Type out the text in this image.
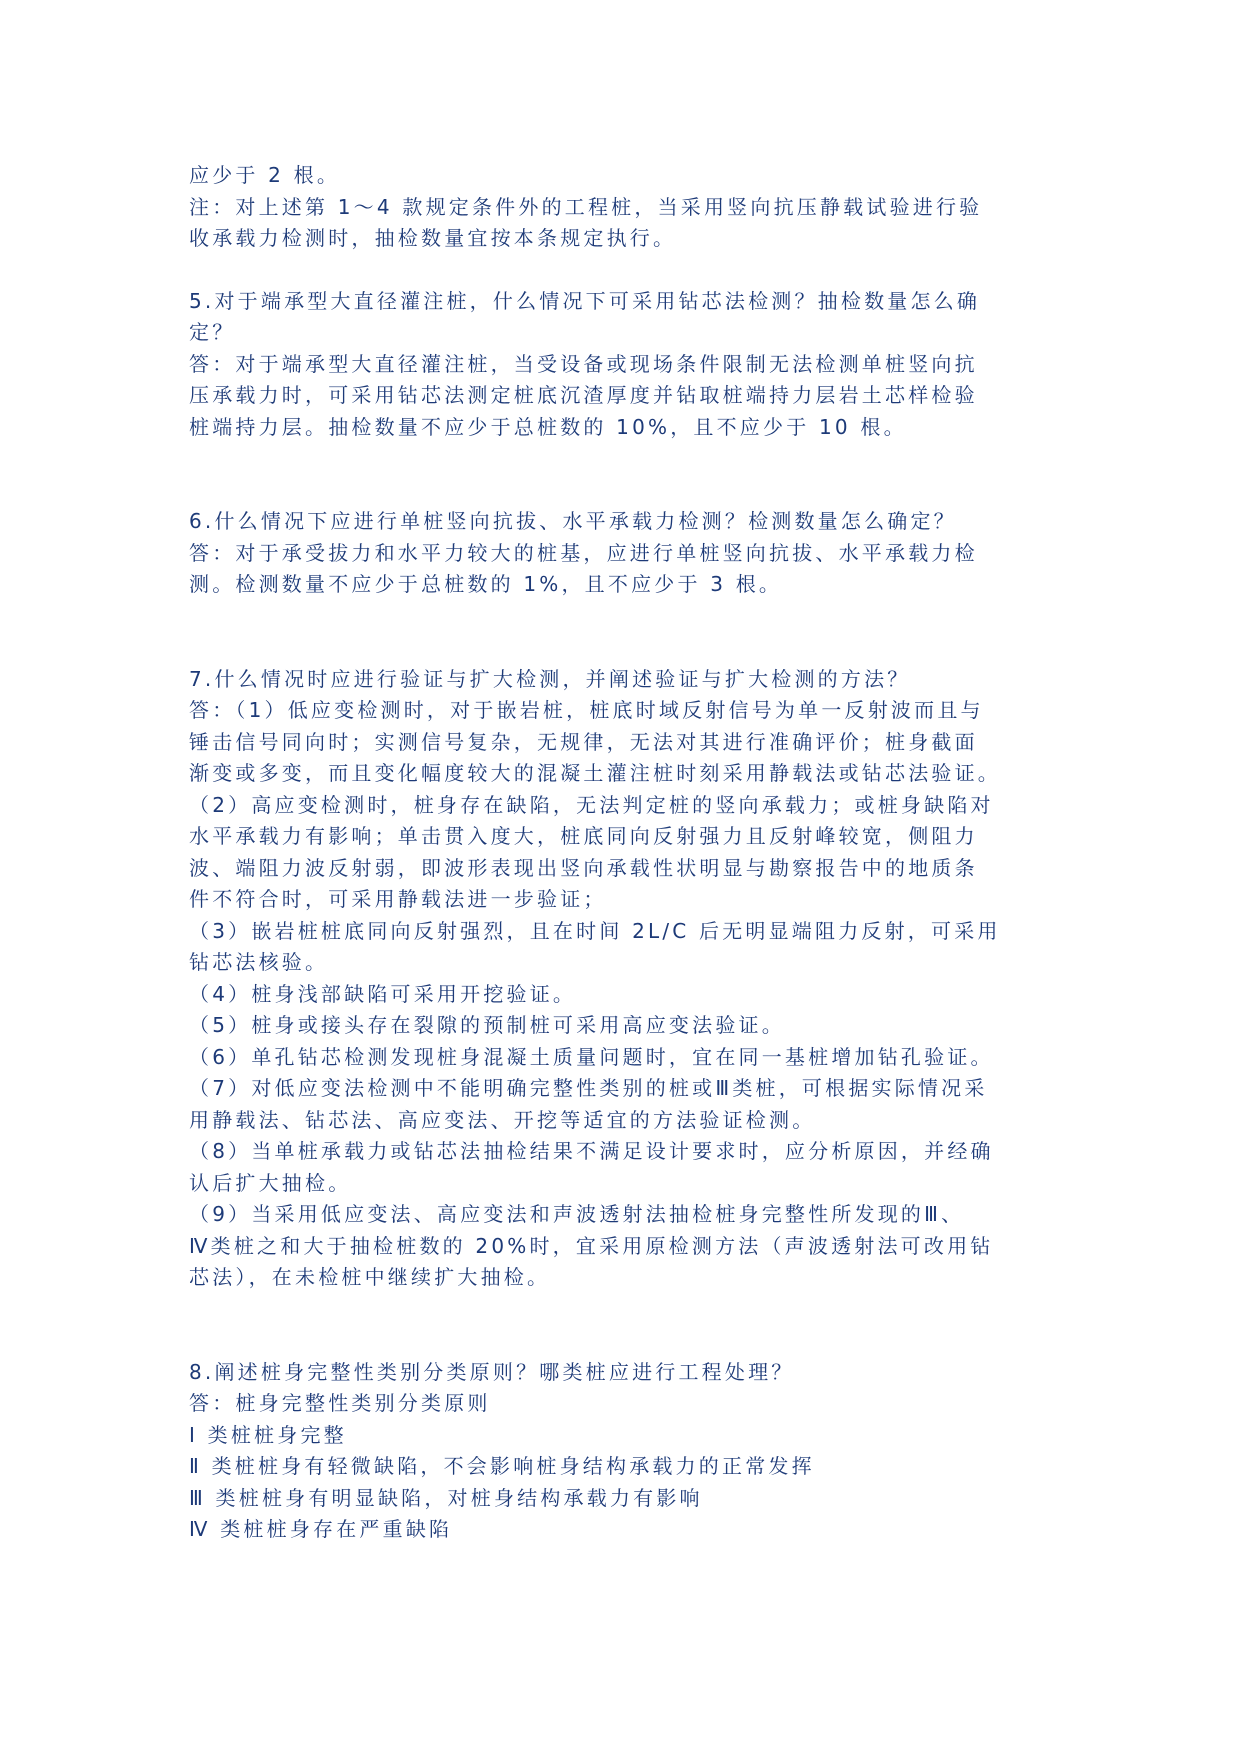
应少于 2 根。
注：对上述第 1～4 款规定条件外的工程桩，当采用竖向抗压静载试验进行验
收承载力检测时，抽检数量宜按本条规定执行。
5.对于端承型大直径灌注桩，什么情况下可采用钻芯法检测？抽检数量怎么确
定？
答：对于端承型大直径灌注桩，当受设备或现场条件限制无法检测单桩竖向抗
压承载力时，可采用钻芯法测定桩底沉渣厚度并钻取桩端持力层岩土芯样检验
桩端持力层。抽检数量不应少于总桩数的 10%，且不应少于 10 根。
6.什么情况下应进行单桩竖向抗拔、水平承载力检测？检测数量怎么确定？
答：对于承受拔力和水平力较大的桩基，应进行单桩竖向抗拔、水平承载力检
测。检测数量不应少于总桩数的 1%，且不应少于 3 根。
7.什么情况时应进行验证与扩大检测，并阐述验证与扩大检测的方法？
答：（1）低应变检测时，对于嵌岩桩，桩底时域反射信号为单一反射波而且与
锤击信号同向时；实测信号复杂，无规律，无法对其进行准确评价；桩身截面
渐变或多变，而且变化幅度较大的混凝土灌注桩时刻采用静载法或钻芯法验证。
（2）高应变检测时，桩身存在缺陷，无法判定桩的竖向承载力；或桩身缺陷对
水平承载力有影响；单击贯入度大，桩底同向反射强力且反射峰较宽，侧阻力
波、端阻力波反射弱，即波形表现出竖向承载性状明显与勘察报告中的地质条
件不符合时，可采用静载法进一步验证；
（3）嵌岩桩桩底同向反射强烈，且在时间 2L/C 后无明显端阻力反射，可采用
钻芯法核验。
（4）桩身浅部缺陷可采用开挖验证。
（5）桩身或接头存在裂隙的预制桩可采用高应变法验证。
（6）单孔钻芯检测发现桩身混凝土质量问题时，宜在同一基桩增加钻孔验证。
（7）对低应变法检测中不能明确完整性类别的桩或Ⅲ类桩，可根据实际情况采
用静载法、钻芯法、高应变法、开挖等适宜的方法验证检测。
（8）当单桩承载力或钻芯法抽检结果不满足设计要求时，应分析原因，并经确
认后扩大抽检。
（9）当采用低应变法、高应变法和声波透射法抽检桩身完整性所发现的Ⅲ、
Ⅳ类桩之和大于抽检桩数的 20%时，宜采用原检测方法（声波透射法可改用钻
芯法），在未检桩中继续扩大抽检。
8.阐述桩身完整性类别分类原则？哪类桩应进行工程处理？
答：桩身完整性类别分类原则
Ⅰ 类桩桩身完整
Ⅱ 类桩桩身有轻微缺陷，不会影响桩身结构承载力的正常发挥
Ⅲ 类桩桩身有明显缺陷，对桩身结构承载力有影响
Ⅳ 类桩桩身存在严重缺陷
